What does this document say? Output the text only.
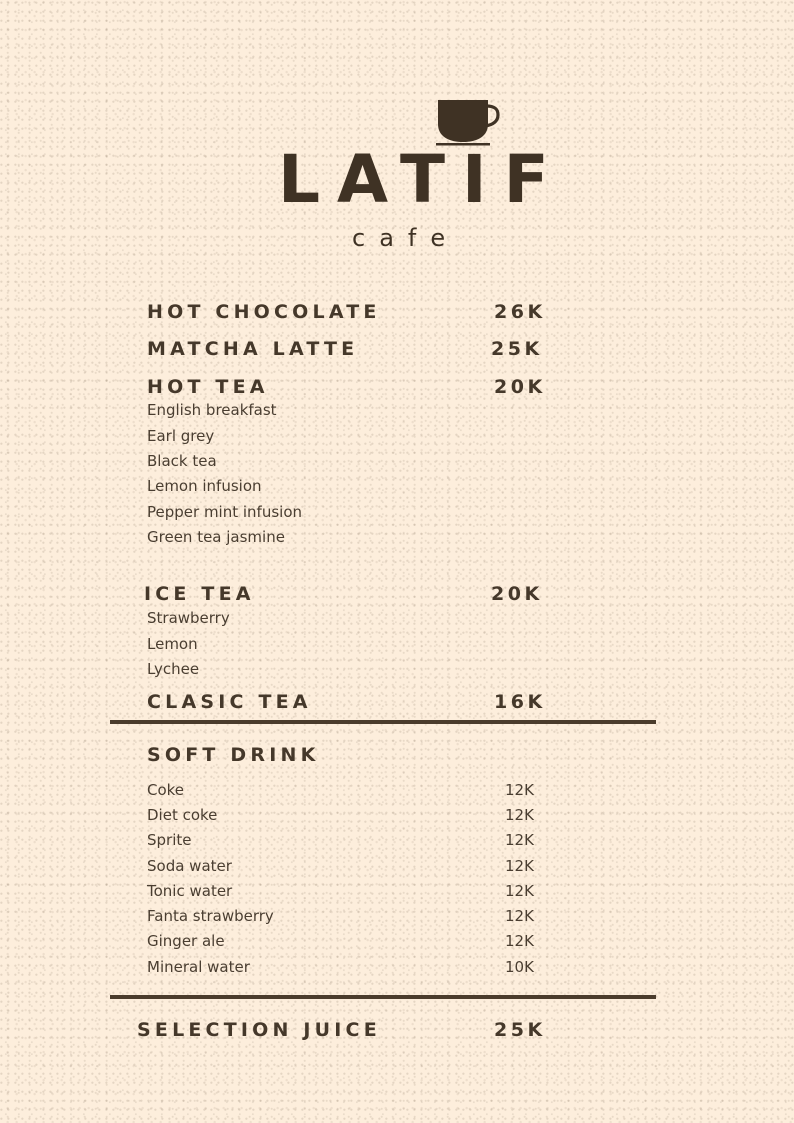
LATIF
cafe
HOT CHOCOLATE	26K
MATCHA LATTE	25K
HOT TEA	20K
English breakfast
Earl grey
Black tea
Lemon infusion
Pepper mint infusion
Green tea jasmine
ICE TEA	20K
Strawberry
Lemon
Lychee
CLASIC TEA	16K
SOFT DRINK
Coke	12K
Diet coke	12K
Sprite	12K
Soda water	12K
Tonic water	12K
Fanta strawberry	12K
Ginger ale	12K
Mineral water	10K
SELECTION JUICE	25K
